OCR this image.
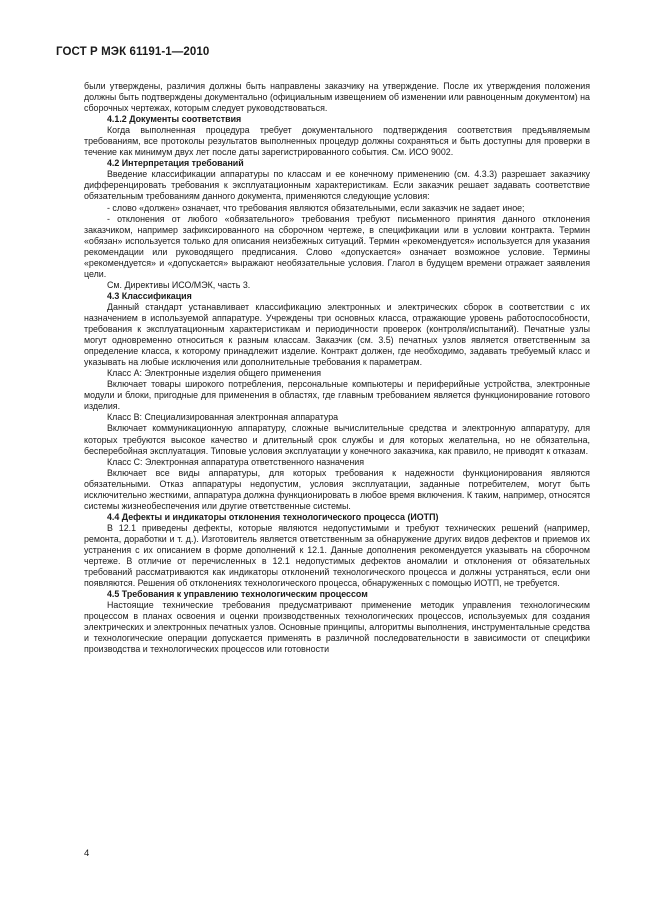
ГОСТ Р МЭК 61191-1—2010

были утверждены, различия должны быть направлены заказчику на утверждение. После их утверждения положения должны быть подтверждены документально (официальным извещением об изменении или равноценным документом) на сборочных чертежах, которым следует руководствоваться.

4.1.2 Документы соответствия

Когда выполненная процедура требует документального подтверждения соответствия предъявляемым требованиям, все протоколы результатов выполненных процедур должны сохраняться и быть доступны для проверки в течение как минимум двух лет после даты зарегистрированного события. См. ИСО 9002.

4.2 Интерпретация требований

Введение классификации аппаратуры по классам и ее конечному применению (см. 4.3.3) разрешает заказчику дифференцировать требования к эксплуатационным характеристикам. Если заказчик решает задавать соответствие обязательным требованиям данного документа, применяются следующие условия:

- слово «должен» означает, что требования являются обязательными, если заказчик не задает иное;

- отклонения от любого «обязательного» требования требуют письменного принятия данного отклонения заказчиком, например зафиксированного на сборочном чертеже, в спецификации или в условии контракта. Термин «обязан» используется только для описания неизбежных ситуаций. Термин «рекомендуется» используется для указания рекомендации или руководящего предписания. Слово «допускается» означает возможное условие. Термины «рекомендуется» и «допускается» выражают необязательные условия. Глагол в будущем времени отражает заявления цели.

См. Директивы ИСО/МЭК, часть 3.

4.3 Классификация

Данный стандарт устанавливает классификацию электронных и электрических сборок в соответствии с их назначением в используемой аппаратуре. Учреждены три основных класса, отражающие уровень работоспособности, требования к эксплуатационным характеристикам и периодичности проверок (контроля/испытаний). Печатные узлы могут одновременно относиться к разным классам. Заказчик (см. 3.5) печатных узлов является ответственным за определение класса, к которому принадлежит изделие. Контракт должен, где необходимо, задавать требуемый класс и указывать на любые исключения или дополнительные требования к параметрам.

Класс А: Электронные изделия общего применения

Включает товары широкого потребления, персональные компьютеры и периферийные устройства, электронные модули и блоки, пригодные для применения в областях, где главным требованием является функционирование готового изделия.

Класс В: Специализированная электронная аппаратура

Включает коммуникационную аппаратуру, сложные вычислительные средства и электронную аппаратуру, для которых требуются высокое качество и длительный срок службы и для которых желательна, но не обязательна, бесперебойная эксплуатация. Типовые условия эксплуатации у конечного заказчика, как правило, не приводят к отказам.

Класс С: Электронная аппаратура ответственного назначения

Включает все виды аппаратуры, для которых требования к надежности функционирования являются обязательными. Отказ аппаратуры недопустим, условия эксплуатации, заданные потребителем, могут быть исключительно жесткими, аппаратура должна функционировать в любое время включения. К таким, например, относятся системы жизнеобеспечения или другие ответственные системы.

4.4 Дефекты и индикаторы отклонения технологического процесса (ИОТП)

В 12.1 приведены дефекты, которые являются недопустимыми и требуют технических решений (например, ремонта, доработки и т. д.). Изготовитель является ответственным за обнаружение других видов дефектов и приемов их устранения с их описанием в форме дополнений к 12.1. Данные дополнения рекомендуется указывать на сборочном чертеже. В отличие от перечисленных в 12.1 недопустимых дефектов аномалии и отклонения от обязательных требований рассматриваются как индикаторы отклонений технологического процесса и должны устраняться, если они появляются. Решения об отклонениях технологического процесса, обнаруженных с помощью ИОТП, не требуется.

4.5 Требования к управлению технологическим процессом

Настоящие технические требования предусматривают применение методик управления технологическим процессом в планах освоения и оценки производственных технологических процессов, используемых для создания электрических и электронных печатных узлов. Основные принципы, алгоритмы выполнения, инструментальные средства и технологические операции допускается применять в различной последовательности в зависимости от специфики производства и технологических процессов или готовности

4
